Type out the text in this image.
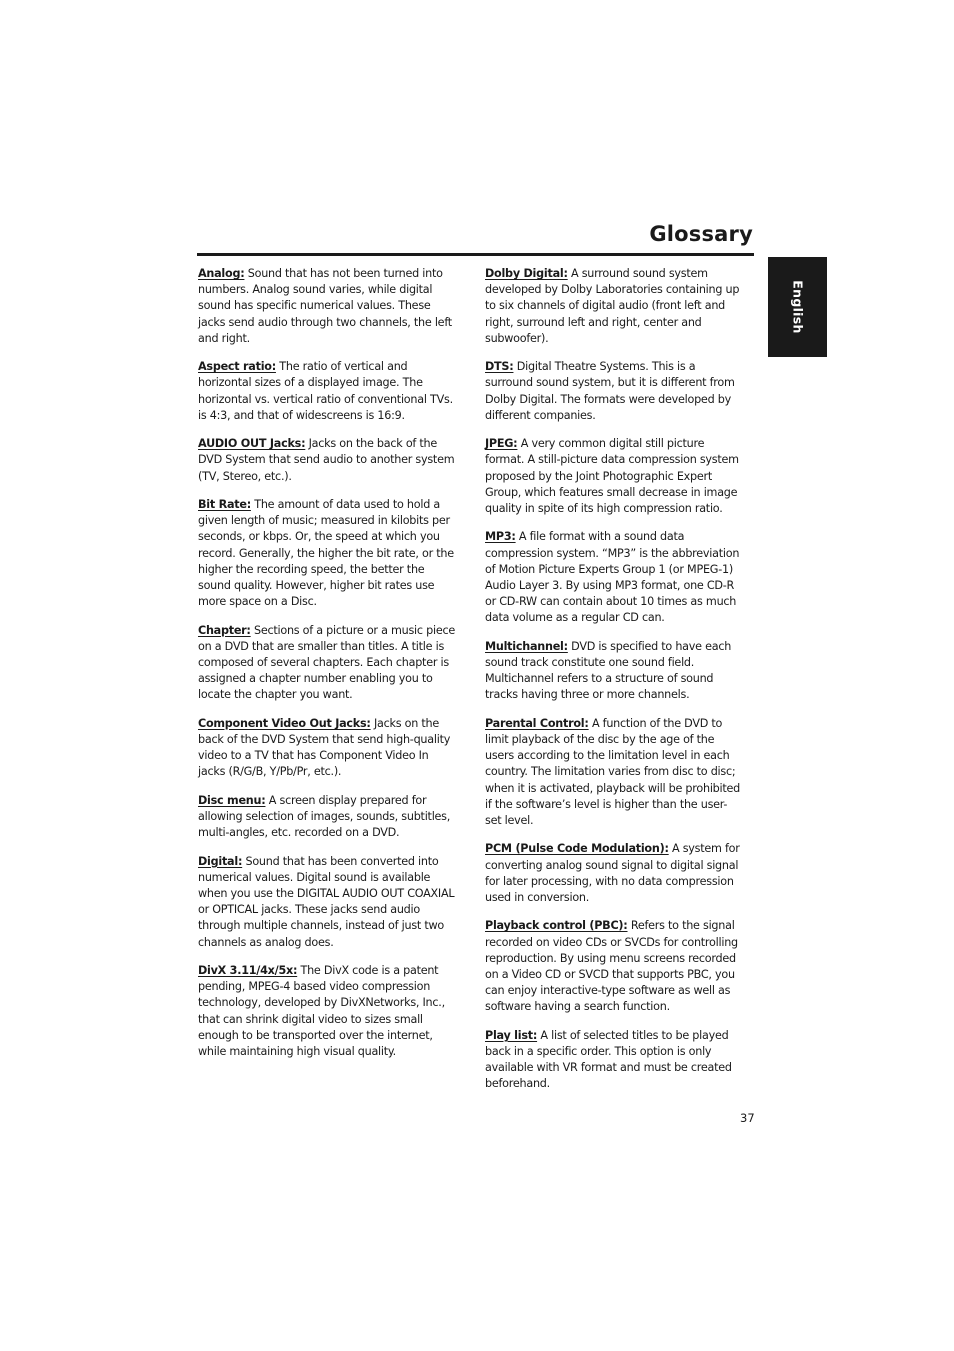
Glossary
English

Analog: Sound that has not been turned into numbers. Analog sound varies, while digital sound has specific numerical values. These jacks send audio through two channels, the left and right.

Aspect ratio: The ratio of vertical and horizontal sizes of a displayed image. The horizontal vs. vertical ratio of conventional TVs. is 4:3, and that of widescreens is 16:9.

AUDIO OUT Jacks: Jacks on the back of the DVD System that send audio to another system (TV, Stereo, etc.).

Bit Rate: The amount of data used to hold a given length of music; measured in kilobits per seconds, or kbps. Or, the speed at which you record. Generally, the higher the bit rate, or the higher the recording speed, the better the sound quality. However, higher bit rates use more space on a Disc.

Chapter: Sections of a picture or a music piece on a DVD that are smaller than titles. A title is composed of several chapters. Each chapter is assigned a chapter number enabling you to locate the chapter you want.

Component Video Out Jacks: Jacks on the back of the DVD System that send high-quality video to a TV that has Component Video In jacks (R/G/B, Y/Pb/Pr, etc.).

Disc menu: A screen display prepared for allowing selection of images, sounds, subtitles, multi-angles, etc. recorded on a DVD.

Digital: Sound that has been converted into numerical values. Digital sound is available when you use the DIGITAL AUDIO OUT COAXIAL or OPTICAL jacks. These jacks send audio through multiple channels, instead of just two channels as analog does.

DivX 3.11/4x/5x: The DivX code is a patent pending, MPEG-4 based video compression technology, developed by DivXNetworks, Inc., that can shrink digital video to sizes small enough to be transported over the internet, while maintaining high visual quality.

Dolby Digital: A surround sound system developed by Dolby Laboratories containing up to six channels of digital audio (front left and right, surround left and right, center and subwoofer).

DTS: Digital Theatre Systems. This is a surround sound system, but it is different from Dolby Digital. The formats were developed by different companies.

JPEG: A very common digital still picture format. A still-picture data compression system proposed by the Joint Photographic Expert Group, which features small decrease in image quality in spite of its high compression ratio.

MP3: A file format with a sound data compression system. “MP3” is the abbreviation of Motion Picture Experts Group 1 (or MPEG-1) Audio Layer 3. By using MP3 format, one CD-R or CD-RW can contain about 10 times as much data volume as a regular CD can.

Multichannel: DVD is specified to have each sound track constitute one sound field. Multichannel refers to a structure of sound tracks having three or more channels.

Parental Control: A function of the DVD to limit playback of the disc by the age of the users according to the limitation level in each country. The limitation varies from disc to disc; when it is activated, playback will be prohibited if the software’s level is higher than the user-set level.

PCM (Pulse Code Modulation): A system for converting analog sound signal to digital signal for later processing, with no data compression used in conversion.

Playback control (PBC): Refers to the signal recorded on video CDs or SVCDs for controlling reproduction. By using menu screens recorded on a Video CD or SVCD that supports PBC, you can enjoy interactive-type software as well as software having a search function.

Play list: A list of selected titles to be played back in a specific order. This option is only available with VR format and must be created beforehand.

37
